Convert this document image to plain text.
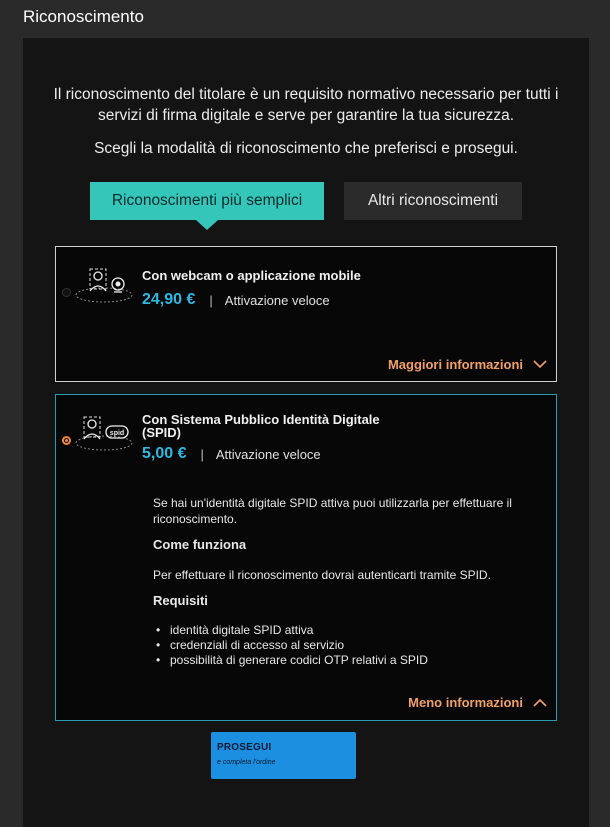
Riconoscimento

Il riconoscimento del titolare è un requisito normativo necessario per tutti i servizi di firma digitale e serve per garantire la tua sicurezza.

Scegli la modalità di riconoscimento che preferisci e prosegui.

Riconoscimenti più semplici	Altri riconoscimenti
Con webcam o applicazione mobile
24,90 € | Attivazione veloce
Maggiori informazioni
spid
Con Sistema Pubblico Identità Digitale
(SPID)
5,00 € | Attivazione veloce

Se hai un'identità digitale SPID attiva puoi utilizzarla per effettuare il riconoscimento.

Come funziona

Per effettuare il riconoscimento dovrai autenticarti tramite SPID.

Requisiti

• identità digitale SPID attiva
• credenziali di accesso al servizio
• possibilità di generare codici OTP relativi a SPID
Meno informazioni
PROSEGUI
e completa l'ordine
